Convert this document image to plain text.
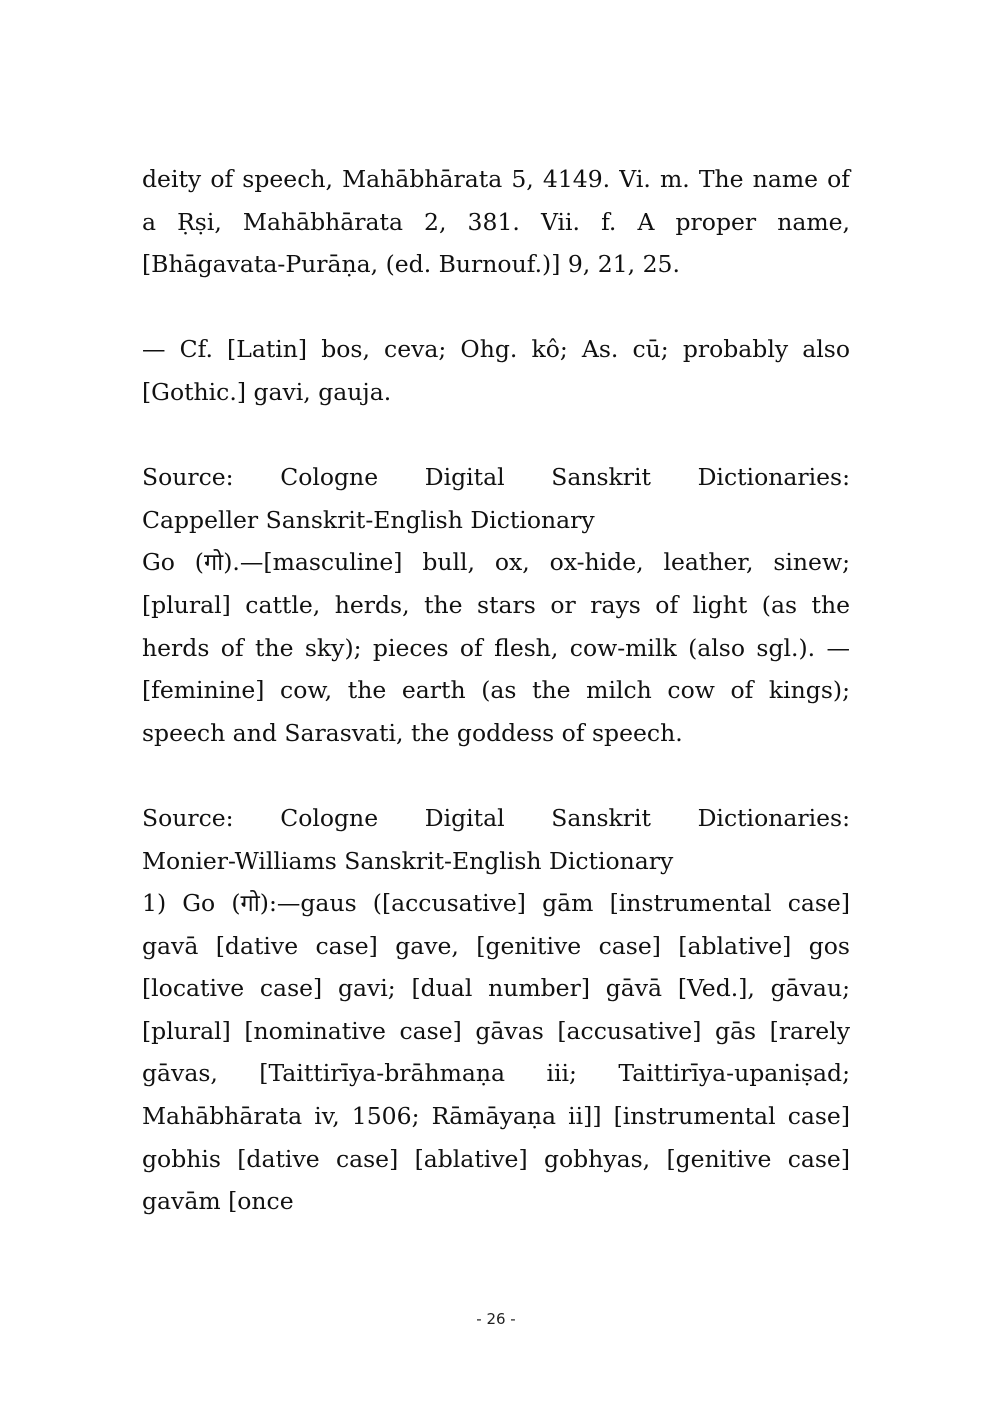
deity of speech, Mahābhārata 5, 4149. Vi. m. The name of a Ṛṣi, Mahābhārata 2, 381. Vii. f. A proper name, [Bhāgavata-Purāṇa, (ed. Burnouf.)] 9, 21, 25.

— Cf. [Latin] bos, ceva; Ohg. kô; As. cū; probably also [Gothic.] gavi, gauja.

Source: Cologne Digital Sanskrit Dictionaries:
Cappeller Sanskrit-English Dictionary
Go (गो).—[masculine] bull, ox, ox-hide, leather, sinew; [plural] cattle, herds, the stars or rays of light (as the herds of the sky); pieces of flesh, cow-milk (also sgl.). —[feminine] cow, the earth (as the milch cow of kings); speech and Sarasvati, the goddess of speech.
Source: Cologne Digital Sanskrit Dictionaries:
Monier-Williams Sanskrit-English Dictionary
1) Go (गो):—gaus ([accusative] gām [instrumental case] gavā [dative case] gave, [genitive case] [ablative] gos [locative case] gavi; [dual number] gāvā [Ved.], gāvau; [plural] [nominative case] gāvas [accusative] gās [rarely gāvas, [Taittirīya-brāhmaṇa iii; Taittirīya-upaniṣad; Mahābhārata iv, 1506; Rāmāyaṇa ii]] [instrumental case] gobhis [dative case] [ablative] gobhyas, [genitive case] gavām [once
- 26 -
